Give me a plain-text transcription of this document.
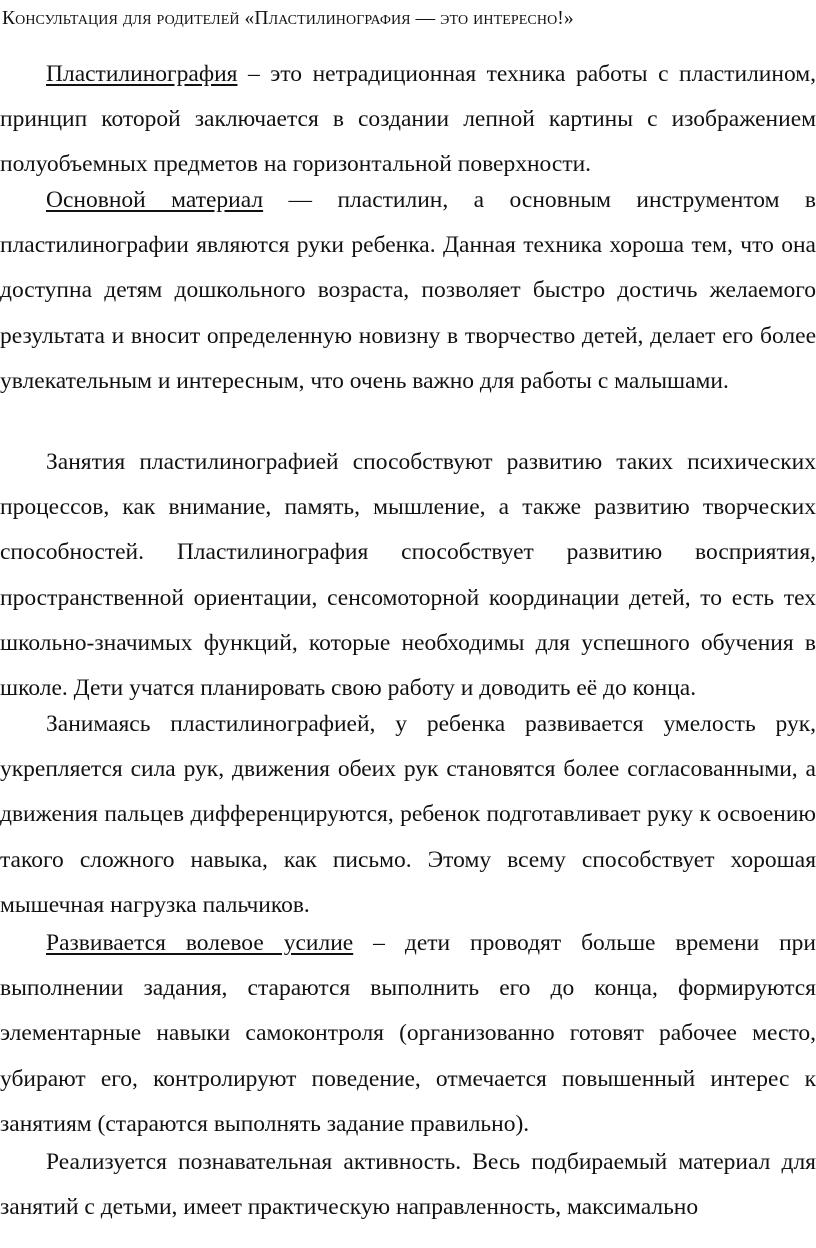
Консультация для родителей «Пластилинография — это интересно!»

Пластилинография – это нетрадиционная техника работы с пластилином, принцип которой заключается в создании лепной картины с изображением полуобъемных предметов на горизонтальной поверхности.

Основной материал — пластилин, а основным инструментом в пластилинографии являются руки ребенка. Данная техника хороша тем, что она доступна детям дошкольного возраста, позволяет быстро достичь желаемого результата и вносит определенную новизну в творчество детей, делает его более увлекательным и интересным, что очень важно для работы с малышами.

Занятия пластилинографией способствуют развитию таких психических процессов, как внимание, память, мышление, а также развитию творческих способностей. Пластилинография способствует развитию восприятия, пространственной ориентации, сенсомоторной координации детей, то есть тех школьно-значимых функций, которые необходимы для успешного обучения в школе. Дети учатся планировать свою работу и доводить её до конца.

Занимаясь пластилинографией, у ребенка развивается умелость рук, укрепляется сила рук, движения обеих рук становятся более согласованными, а движения пальцев дифференцируются, ребенок подготавливает руку к освоению такого сложного навыка, как письмо. Этому всему способствует хорошая мышечная нагрузка пальчиков.

Развивается волевое усилие – дети проводят больше времени при выполнении задания, стараются выполнить его до конца, формируются элементарные навыки самоконтроля (организованно готовят рабочее место, убирают его, контролируют поведение, отмечается повышенный интерес к занятиям (стараются выполнять задание правильно).

Реализуется познавательная активность. Весь подбираемый материал для занятий с детьми, имеет практическую направленность, максимально
